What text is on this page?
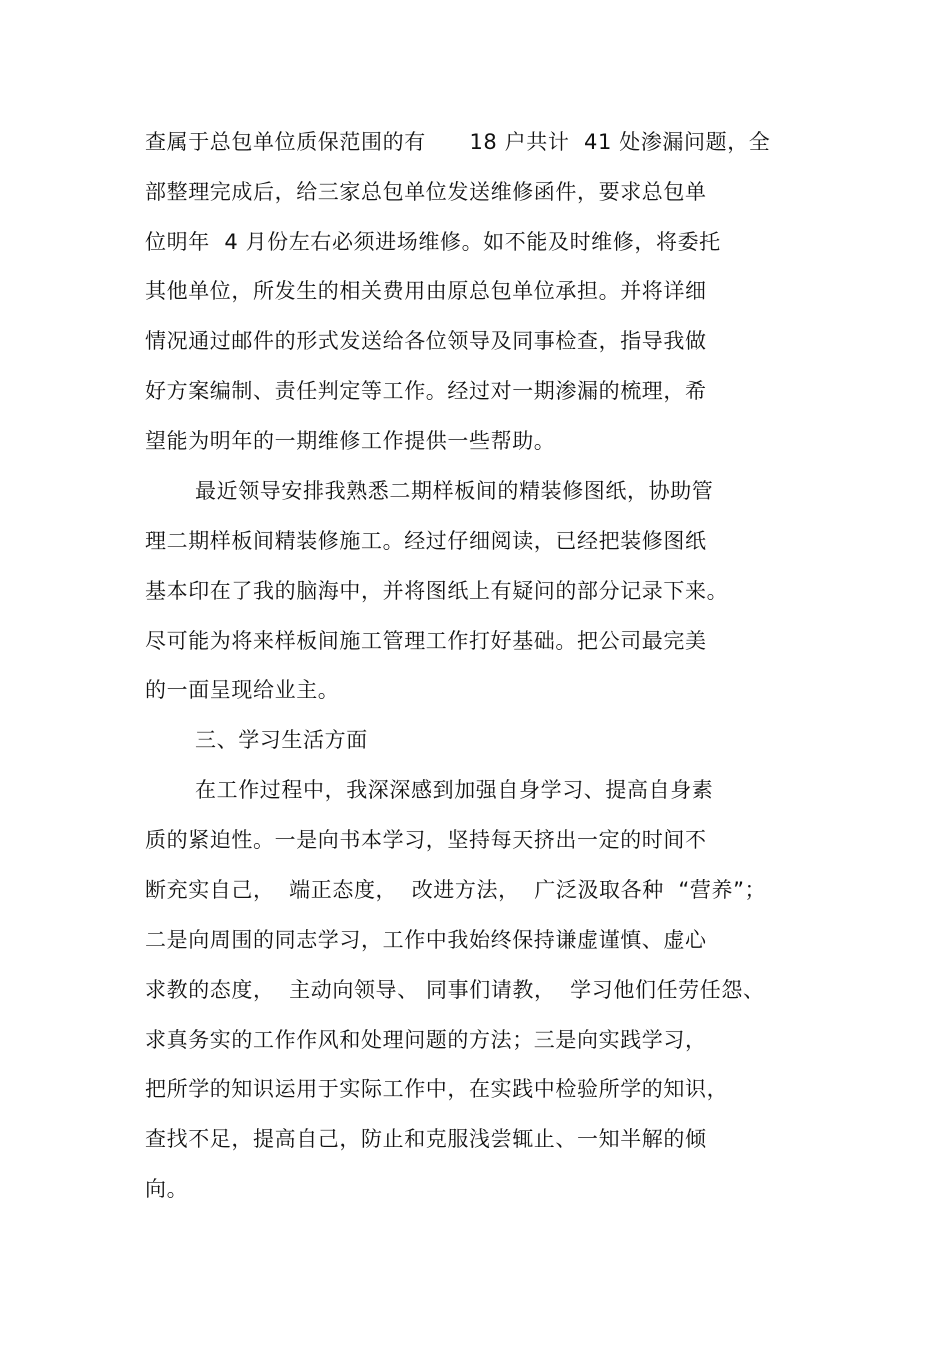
查属于总包单位质保范围的有      18 户共计  41 处渗漏问题，全
部整理完成后，给三家总包单位发送维修函件，要求总包单
位明年  4 月份左右必须进场维修。如不能及时维修，将委托
其他单位，所发生的相关费用由原总包单位承担。并将详细
情况通过邮件的形式发送给各位领导及同事检查，指导我做
好方案编制、责任判定等工作。经过对一期渗漏的梳理，希
望能为明年的一期维修工作提供一些帮助。
最近领导安排我熟悉二期样板间的精装修图纸，协助管
理二期样板间精装修施工。经过仔细阅读，已经把装修图纸
基本印在了我的脑海中，并将图纸上有疑问的部分记录下来。
尽可能为将来样板间施工管理工作打好基础。把公司最完美
的一面呈现给业主。
三、学习生活方面
在工作过程中，我深深感到加强自身学习、提高自身素
质的紧迫性。一是向书本学习，坚持每天挤出一定的时间不
断充实自己，  端正态度，  改进方法，  广泛汲取各种  “营养”；
二是向周围的同志学习，工作中我始终保持谦虚谨慎、虚心
求教的态度，  主动向领导、 同事们请教，  学习他们任劳任怨、
求真务实的工作作风和处理问题的方法；三是向实践学习，
把所学的知识运用于实际工作中，在实践中检验所学的知识，
查找不足，提高自己，防止和克服浅尝辄止、一知半解的倾
向。
